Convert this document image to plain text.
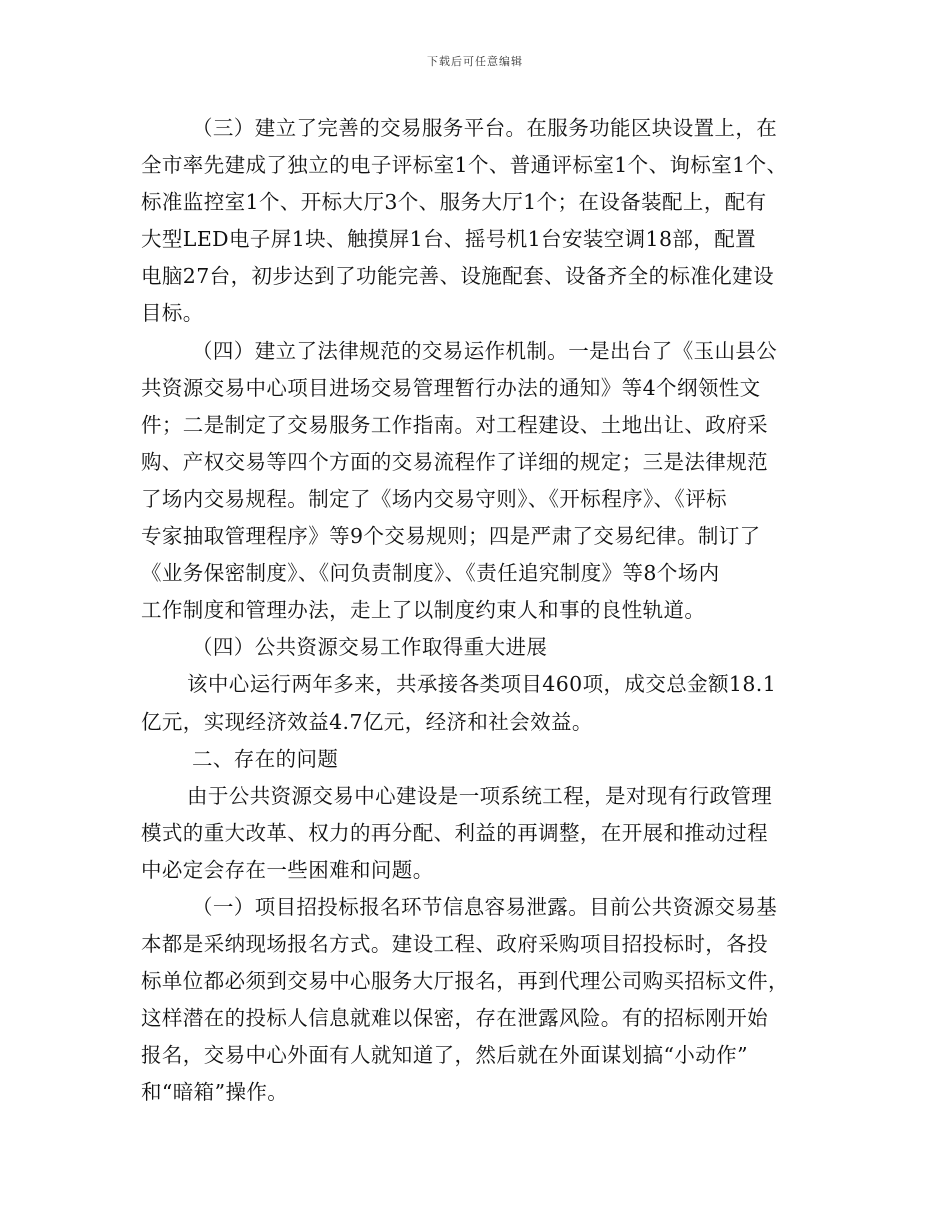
下载后可任意编辑
（三）建立了完善的交易服务平台。在服务功能区块设置上，在
全市率先建成了独立的电子评标室1个、普通评标室1个、询标室1个、
标准监控室1个、开标大厅3个、服务大厅1个；在设备装配上，配有
大型LED电子屏1块、触摸屏1台、摇号机1台安装空调18部，配置
电脑27台，初步达到了功能完善、设施配套、设备齐全的标准化建设
目标。
（四）建立了法律规范的交易运作机制。一是出台了《玉山县公
共资源交易中心项目进场交易管理暂行办法的通知》等4个纲领性文
件；二是制定了交易服务工作指南。对工程建设、土地出让、政府采
购、产权交易等四个方面的交易流程作了详细的规定；三是法律规范
了场内交易规程。制定了《场内交易守则》、《开标程序》、《评标
专家抽取管理程序》等9个交易规则；四是严肃了交易纪律。制订了
《业务保密制度》、《问负责制度》、《责任追究制度》等8个场内
工作制度和管理办法，走上了以制度约束人和事的良性轨道。
（四）公共资源交易工作取得重大进展
该中心运行两年多来，共承接各类项目460项，成交总金额18.1
亿元，实现经济效益4.7亿元，经济和社会效益。
二、存在的问题
由于公共资源交易中心建设是一项系统工程，是对现有行政管理
模式的重大改革、权力的再分配、利益的再调整，在开展和推动过程
中必定会存在一些困难和问题。
（一）项目招投标报名环节信息容易泄露。目前公共资源交易基
本都是采纳现场报名方式。建设工程、政府采购项目招投标时，各投
标单位都必须到交易中心服务大厅报名，再到代理公司购买招标文件，
这样潜在的投标人信息就难以保密，存在泄露风险。有的招标刚开始
报名，交易中心外面有人就知道了，然后就在外面谋划搞“小动作”
和“暗箱”操作。
